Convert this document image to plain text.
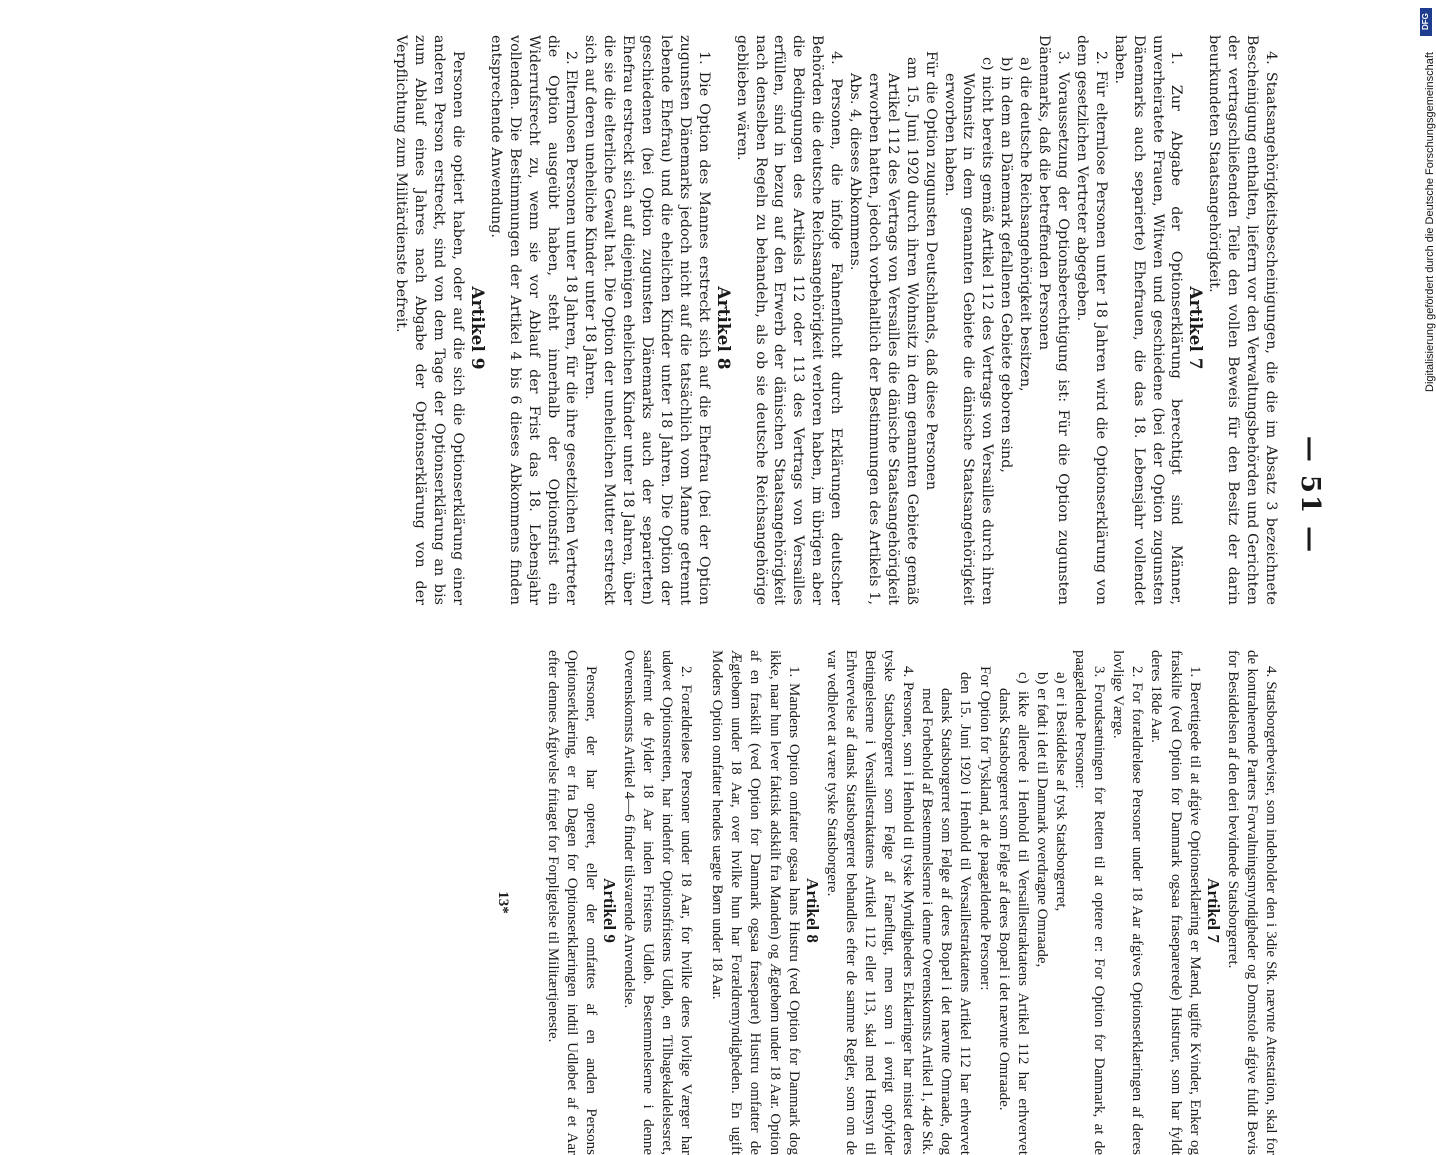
— 51 —

4. Staatsangehörigkeitsbescheinigungen, die die im Absatz 3 bezeichnete Bescheinigung enthalten, liefern vor den Verwaltungsbehörden und Gerichten der vertragschließenden Teile den vollen Beweis für den Besitz der darin beurkundeten Staatsangehörigkeit.

Artikel 7

1. Zur Abgabe der Optionserklärung berechtigt sind Männer, unverheiratete Frauen, Witwen und geschiedene (bei der Option zugunsten Dänemarks auch separierte) Ehefrauen, die das 18. Lebensjahr vollendet haben.

2. Für elternlose Personen unter 18 Jahren wird die Optionserklärung von dem gesetzlichen Vertreter abgegeben.

3. Voraussetzung der Optionsberechtigung ist: Für die Option zugunsten Dänemarks, daß die betreffenden Personen

a) die deutsche Reichsangehörigkeit besitzen,

b) in dem an Dänemark gefallenen Gebiete geboren sind,

c) nicht bereits gemäß Artikel 112 des Vertrags von Versailles durch ihren Wohnsitz in dem genannten Gebiete die dänische Staatsangehörigkeit erworben haben.

Für die Option zugunsten Deutschlands, daß diese Personen

am 15. Juni 1920 durch ihren Wohnsitz in dem genannten Gebiete gemäß Artikel 112 des Vertrags von Versailles die dänische Staatsangehörigkeit erworben hatten, jedoch vorbehaltlich der Bestimmungen des Artikels 1, Abs. 4, dieses Abkommens.

4. Personen, die infolge Fahnenflucht durch Erklärungen deutscher Behörden die deutsche Reichsangehörigkeit verloren haben, im übrigen aber die Bedingungen des Artikels 112 oder 113 des Vertrags von Versailles erfüllen, sind in bezug auf den Erwerb der dänischen Staatsangehörigkeit nach denselben Regeln zu behandeln, als ob sie deutsche Reichsangehörige geblieben wären.

Artikel 8

1. Die Option des Mannes erstreckt sich auf die Ehefrau (bei der Option zugunsten Dänemarks jedoch nicht auf die tatsächlich vom Manne getrennt lebende Ehefrau) und die ehelichen Kinder unter 18 Jahren. Die Option der geschiedenen (bei Option zugunsten Dänemarks auch der separierten) Ehefrau erstreckt sich auf diejenigen ehelichen Kinder unter 18 Jahren, über die sie die elterliche Gewalt hat. Die Option der unehelichen Mutter erstreckt sich auf deren uneheliche Kinder unter 18 Jahren.

2. Elternlosen Personen unter 18 Jahren, für die ihre gesetzlichen Vertreter die Option ausgeübt haben, steht innerhalb der Optionsfrist ein Widerrufsrecht zu, wenn sie vor Ablauf der Frist das 18. Lebensjahr vollenden. Die Bestimmungen der Artikel 4 bis 6 dieses Abkommens finden entsprechende Anwendung.

Artikel 9

Personen die optiert haben, oder auf die sich die Optionserklärung einer anderen Person erstreckt, sind von dem Tage der Optionserklärung an bis zum Ablauf eines Jahres nach Abgabe der Optionserklärung von der Verpflichtung zum Militärdienste befreit.

4. Statsborgerbeviser, som indeholder den i 3die Stk. nævnte Attestation, skal for de kontraherende Parters Forvaltningsmyndigheder og Domstole afgive fuldt Bevis for Besiddelsen af den deri bevidnede Statsborgerret.

Artikel 7

1. Berettigede til at afgive Optionserklæring er Mænd, ugifte Kvinder, Enker og fraskilte (ved Option for Danmark ogsaa fraseparerede) Hustruer, som har fyldt deres 18de Aar.

2. For forældreløse Personer under 18 Aar afgives Optionserklæringen af deres lovlige Værge.

3. Forudsætningen for Retten til at optere er: For Option for Danmark, at de paagældende Personer:

a) er i Besiddelse af tysk Statsborgerret,

b) er født i det til Danmark overdragne Omraade,

c) ikke allerede i Henhold til Versaillestraktatens Artikel 112 har erhvervet dansk Statsborgerret som Følge af deres Bopæl i det nævnte Omraade.

For Option for Tyskland, at de paagældende Personer:

den 15. Juni 1920 i Henhold til Versaillestraktatens Artikel 112 har erhvervet dansk Statsborgerret som Følge af deres Bopæl i det nævnte Omraade, dog med Forbehold af Bestemmelserne i denne Overenskomsts Artikel 1, 4de Stk.

4. Personer, som i Henhold til tyske Myndigheders Erklæringer har mistet deres tyske Statsborgerret som Følge af Faneflugt, men som i øvrigt opfylder Betingelserne i Versaillestraktatens Artikel 112 eller 113, skal med Hensyn til Erhvervelse af dansk Statsborgerret behandles efter de samme Regler, som om de var vedblevet at være tyske Statsborgere.

Artikel 8

1. Mandens Option omfatter ogsaa hans Hustru (ved Option for Danmark dog ikke, naar hun lever faktisk adskilt fra Manden) og Ægtebørn under 18 Aar. Option af en fraskilt (ved Option for Danmark ogsaa fraseparet) Hustru omfatter de Ægtebørn under 18 Aar, over hvilke hun har Forældremyndigheden. En ugift Moders Option omfatter hendes uægte Børn under 18 Aar.

2. Forældreløse Personer under 18 Aar, for hvilke deres lovlige Værger har udøvet Optionsretten, har indenfor Optionsfristens Udløb, en Tilbagekaldelsesret, saafremt de fylder 18 Aar inden Fristens Udløb. Bestemmelserne i denne Overenskomsts Artikel 4—6 finder tilsvarende Anvendelse.

Artikel 9

Personer, der har opteret, eller der omfattes af en anden Persons Optionserklæring, er fra Dagen for Optionserklæringen indtil Udløbet af et Aar efter dennes Afgivelse fritaget for Forpligtelse til Militærtjeneste.

13*

DFG
Digitalisierung gefördert durch die Deutsche Forschungsgemeinschaft
